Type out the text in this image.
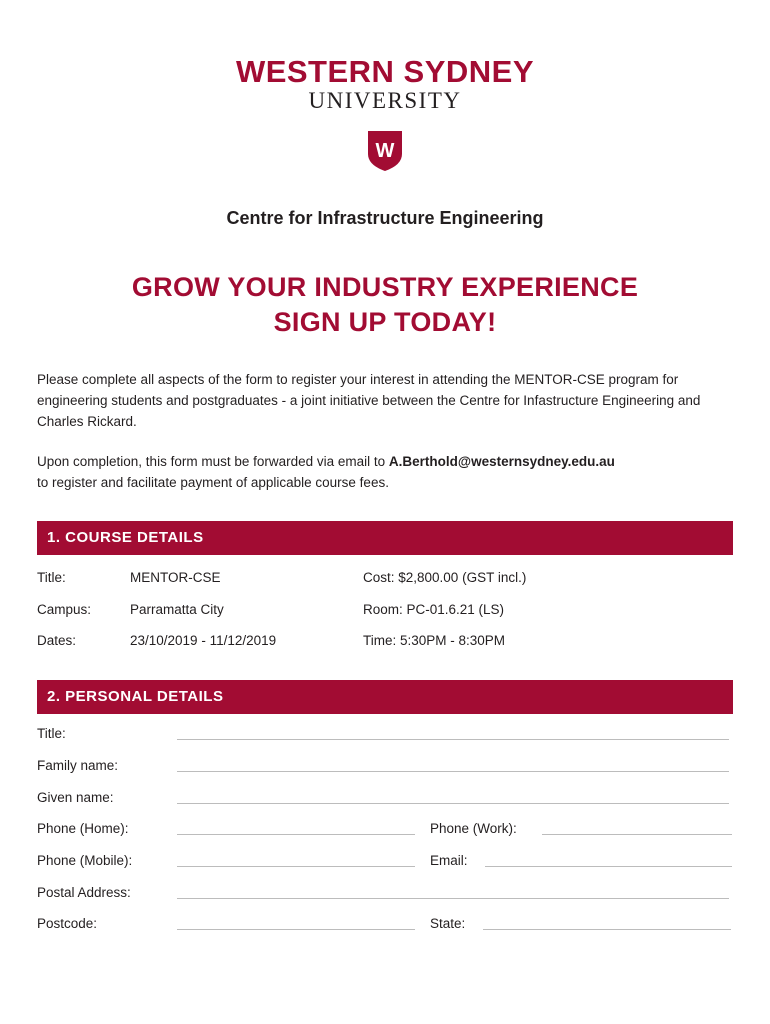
WESTERN SYDNEY
UNIVERSITY
W
Centre for Infrastructure Engineering
GROW YOUR INDUSTRY EXPERIENCE
SIGN UP TODAY!
Please complete all aspects of the form to register your interest in attending the MENTOR-CSE program for engineering students and postgraduates - a joint initiative between the Centre for Infastructure Engineering and Charles Rickard.
Upon completion, this form must be forwarded via email to A.Berthold@westernsydney.edu.au
to register and facilitate payment of applicable course fees.
1. COURSE DETAILS
Title:	MENTOR-CSE	Cost: $2,800.00 (GST incl.)
Campus:	Parramatta City	Room: PC-01.6.21 (LS)
Dates:	23/10/2019 - 11/12/2019	Time: 5:30PM - 8:30PM
2. PERSONAL DETAILS
Title:
Family name:
Given name:
Phone (Home):	Phone (Work):
Phone (Mobile):	Email:
Postal Address:
Postcode:	State:
